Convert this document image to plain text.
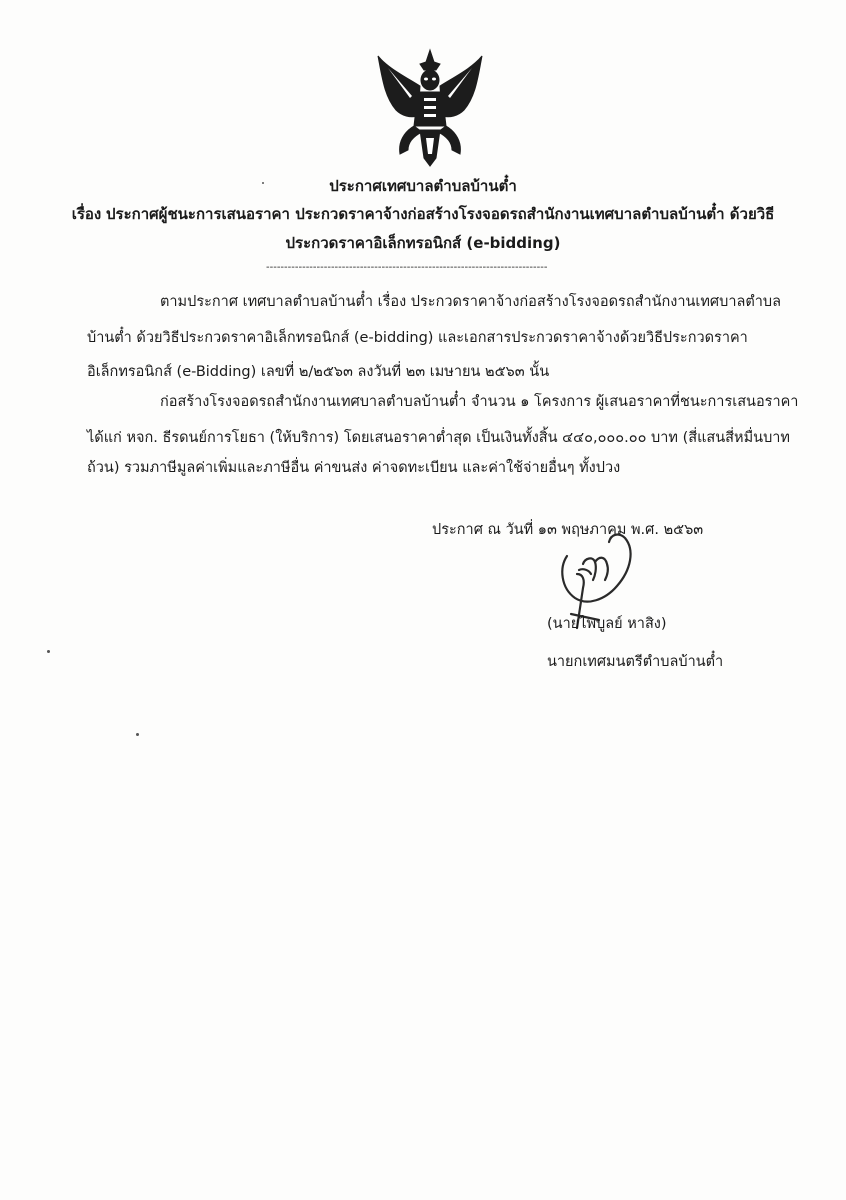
ประกาศเทศบาลตำบลบ้านต๋ำ
เรื่อง ประกาศผู้ชนะการเสนอราคา ประกวดราคาจ้างก่อสร้างโรงจอดรถสำนักงานเทศบาลตำบลบ้านต๋ำ ด้วยวิธี
ประกวดราคาอิเล็กทรอนิกส์ (e-bidding)
------------------------------------------------------------------------------
ตามประกาศ เทศบาลตำบลบ้านต๋ำ เรื่อง ประกวดราคาจ้างก่อสร้างโรงจอดรถสำนักงานเทศบาลตำบล
บ้านต๋ำ ด้วยวิธีประกวดราคาอิเล็กทรอนิกส์ (e-bidding) และเอกสารประกวดราคาจ้างด้วยวิธีประกวดราคา
อิเล็กทรอนิกส์ (e-Bidding) เลขที่ ๒/๒๕๖๓ ลงวันที่ ๒๓ เมษายน ๒๕๖๓ นั้น
ก่อสร้างโรงจอดรถสำนักงานเทศบาลตำบลบ้านต๋ำ จำนวน ๑ โครงการ ผู้เสนอราคาที่ชนะการเสนอราคา
ได้แก่ หจก. ธีรดนย์การโยธา (ให้บริการ) โดยเสนอราคาต่ำสุด เป็นเงินทั้งสิ้น ๔๔๐,๐๐๐.๐๐ บาท (สี่แสนสี่หมื่นบาท
ถ้วน) รวมภาษีมูลค่าเพิ่มและภาษีอื่น ค่าขนส่ง ค่าจดทะเบียน และค่าใช้จ่ายอื่นๆ ทั้งปวง
ประกาศ ณ วันที่ ๑๓ พฤษภาคม พ.ศ. ๒๕๖๓
(นายไพบูลย์ หาสิง)
นายกเทศมนตรีตำบลบ้านต๋ำ
